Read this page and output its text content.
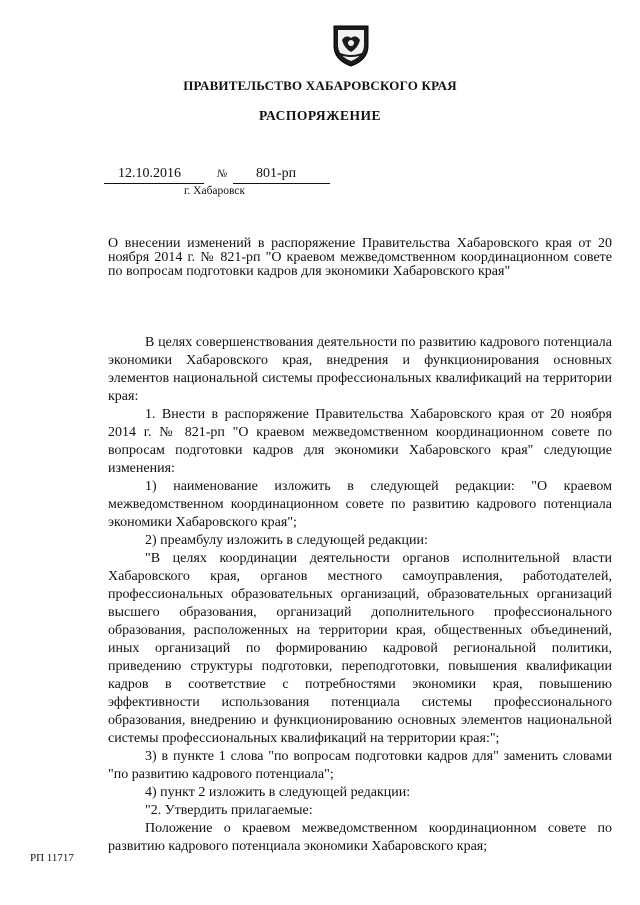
ПРАВИТЕЛЬСТВО ХАБАРОВСКОГО КРАЯ
РАСПОРЯЖЕНИЕ
12.10.2016	№ 801-рп
г. Хабаровск
О внесении изменений в распоряжение Правительства Хабаровского края от 20 ноября 2014 г. № 821-рп "О краевом межведомственном координационном совете по вопросам подготовки кадров для экономики Хабаровского края"

В целях совершенствования деятельности по развитию кадрового потенциала экономики Хабаровского края, внедрения и функционирования основных элементов национальной системы профессиональных квалификаций на территории края:

1. Внести в распоряжение Правительства Хабаровского края от 20 ноября 2014 г. № 821-рп "О краевом межведомственном координационном совете по вопросам подготовки кадров для экономики Хабаровского края" следующие изменения:

1) наименование изложить в следующей редакции: "О краевом межведомственном координационном совете по развитию кадрового потенциала экономики Хабаровского края";

2) преамбулу изложить в следующей редакции:

"В целях координации деятельности органов исполнительной власти Хабаровского края, органов местного самоуправления, работодателей, профессиональных образовательных организаций, образовательных организаций высшего образования, организаций дополнительного профессионального образования, расположенных на территории края, общественных объединений, иных организаций по формированию кадровой региональной политики, приведению структуры подготовки, переподготовки, повышения квалификации кадров в соответствие с потребностями экономики края, повышению эффективности использования потенциала системы профессионального образования, внедрению и функционированию основных элементов национальной системы профессиональных квалификаций на территории края:";

3) в пункте 1 слова "по вопросам подготовки кадров для" заменить словами "по развитию кадрового потенциала";

4) пункт 2 изложить в следующей редакции:

"2. Утвердить прилагаемые:

Положение о краевом межведомственном координационном совете по развитию кадрового потенциала экономики Хабаровского края;

РП 11717
